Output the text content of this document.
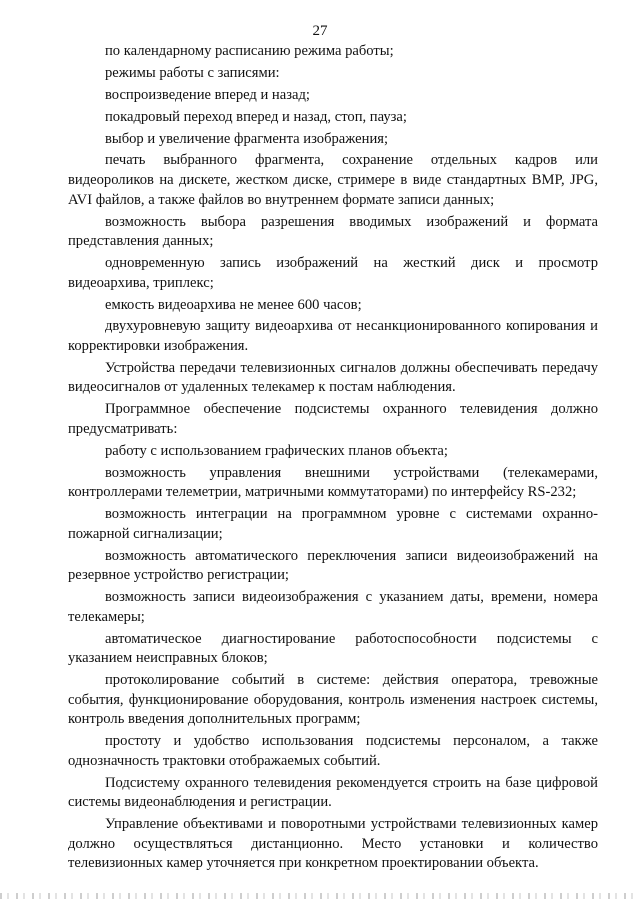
27

по календарному расписанию режима работы;

режимы работы с записями:

воспроизведение вперед и назад;

покадровый переход вперед и назад, стоп, пауза;

выбор и увеличение фрагмента изображения;

печать выбранного фрагмента, сохранение отдельных кадров или видеороликов на дискете, жестком диске, стримере в виде стандартных BMP, JPG, AVI файлов, а также файлов во внутреннем формате записи данных;

возможность выбора разрешения вводимых изображений и формата представления данных;

одновременную запись изображений на жесткий диск и просмотр видеоархива, триплекс;

емкость видеоархива не менее 600 часов;

двухуровневую защиту видеоархива от несанкционированного копирования и корректировки изображения.

Устройства передачи телевизионных сигналов должны обеспечивать передачу видеосигналов от удаленных телекамер к постам наблюдения.

Программное обеспечение подсистемы охранного телевидения должно предусматривать:

работу с использованием графических планов объекта;

возможность управления внешними устройствами (телекамерами, контроллерами телеметрии, матричными коммутаторами) по интерфейсу RS-232;

возможность интеграции на программном уровне с системами охранно-пожарной сигнализации;

возможность автоматического переключения записи видеоизображений на резервное устройство регистрации;

возможность записи видеоизображения с указанием даты, времени, номера телекамеры;

автоматическое диагностирование работоспособности подсистемы с указанием неисправных блоков;

протоколирование событий в системе: действия оператора, тревожные события, функционирование оборудования, контроль изменения настроек системы, контроль введения дополнительных программ;

простоту и удобство использования подсистемы персоналом, а также однозначность трактовки отображаемых событий.

Подсистему охранного телевидения рекомендуется строить на базе цифровой системы видеонаблюдения и регистрации.

Управление объективами и поворотными устройствами телевизионных камер должно осуществляться дистанционно. Место установки и количество телевизионных камер уточняется при конкретном проектировании объекта.
